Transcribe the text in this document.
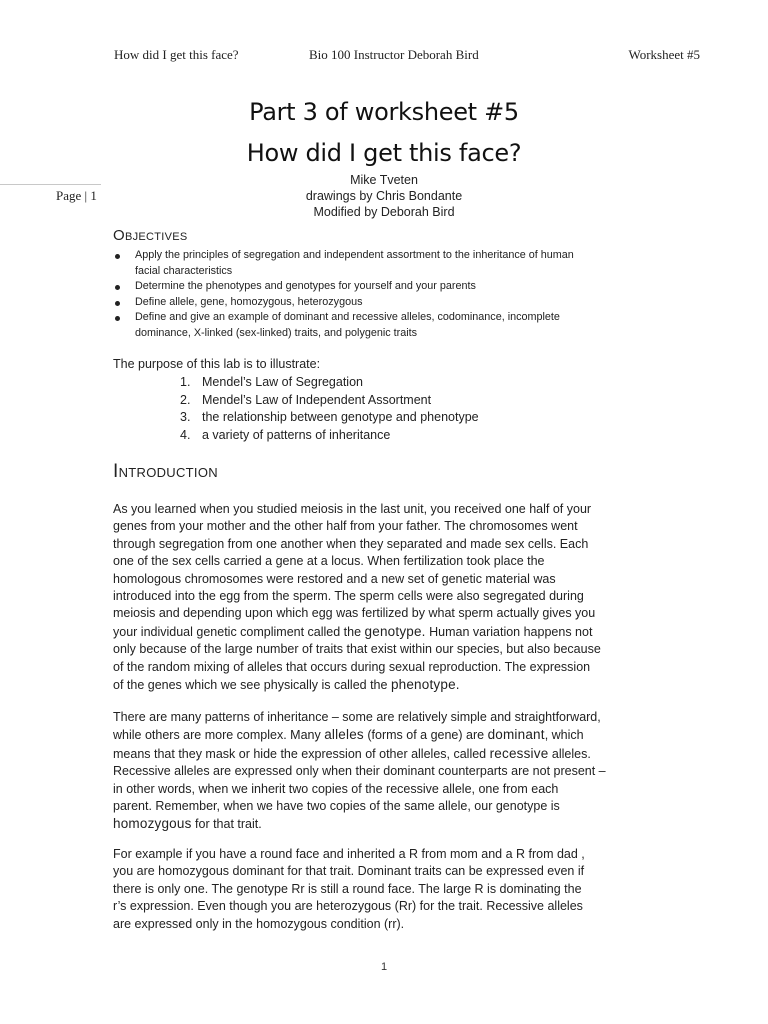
How did I get this face?	Bio 100 Instructor Deborah Bird	Worksheet #5
Page | 1
Part 3 of worksheet #5
How did I get this face?
Mike Tveten
drawings by Chris Bondante
Modified by Deborah Bird
Objectives
Apply the principles of segregation and independent assortment to the inheritance of human
facial characteristics
Determine the phenotypes and genotypes for yourself and your parents
Define allele, gene, homozygous, heterozygous
Define and give an example of dominant and recessive alleles, codominance, incomplete
dominance, X-linked (sex-linked) traits, and polygenic traits
The purpose of this lab is to illustrate:
1. Mendel’s Law of Segregation
2. Mendel’s Law of Independent Assortment
3. the relationship between genotype and phenotype
4. a variety of patterns of inheritance
Introduction

As you learned when you studied meiosis in the last unit, you received one half of your
genes from your mother and the other half from your father. The chromosomes went
through segregation from one another when they separated and made sex cells. Each
one of the sex cells carried a gene at a locus. When fertilization took place the
homologous chromosomes were restored and a new set of genetic material was
introduced into the egg from the sperm. The sperm cells were also segregated during
meiosis and depending upon which egg was fertilized by what sperm actually gives you
your individual genetic compliment called the genotype. Human variation happens not
only because of the large number of traits that exist within our species, but also because
of the random mixing of alleles that occurs during sexual reproduction. The expression
of the genes which we see physically is called the phenotype.

There are many patterns of inheritance – some are relatively simple and straightforward,
while others are more complex. Many alleles (forms of a gene) are dominant, which
means that they mask or hide the expression of other alleles, called recessive alleles.
Recessive alleles are expressed only when their dominant counterparts are not present –
in other words, when we inherit two copies of the recessive allele, one from each
parent. Remember, when we have two copies of the same allele, our genotype is
homozygous for that trait.

For example if you have a round face and inherited a R from mom and a R from dad ,
you are homozygous dominant for that trait. Dominant traits can be expressed even if
there is only one. The genotype Rr is still a round face. The large R is dominating the
r’s expression. Even though you are heterozygous (Rr) for the trait. Recessive alleles
are expressed only in the homozygous condition (rr).

1
